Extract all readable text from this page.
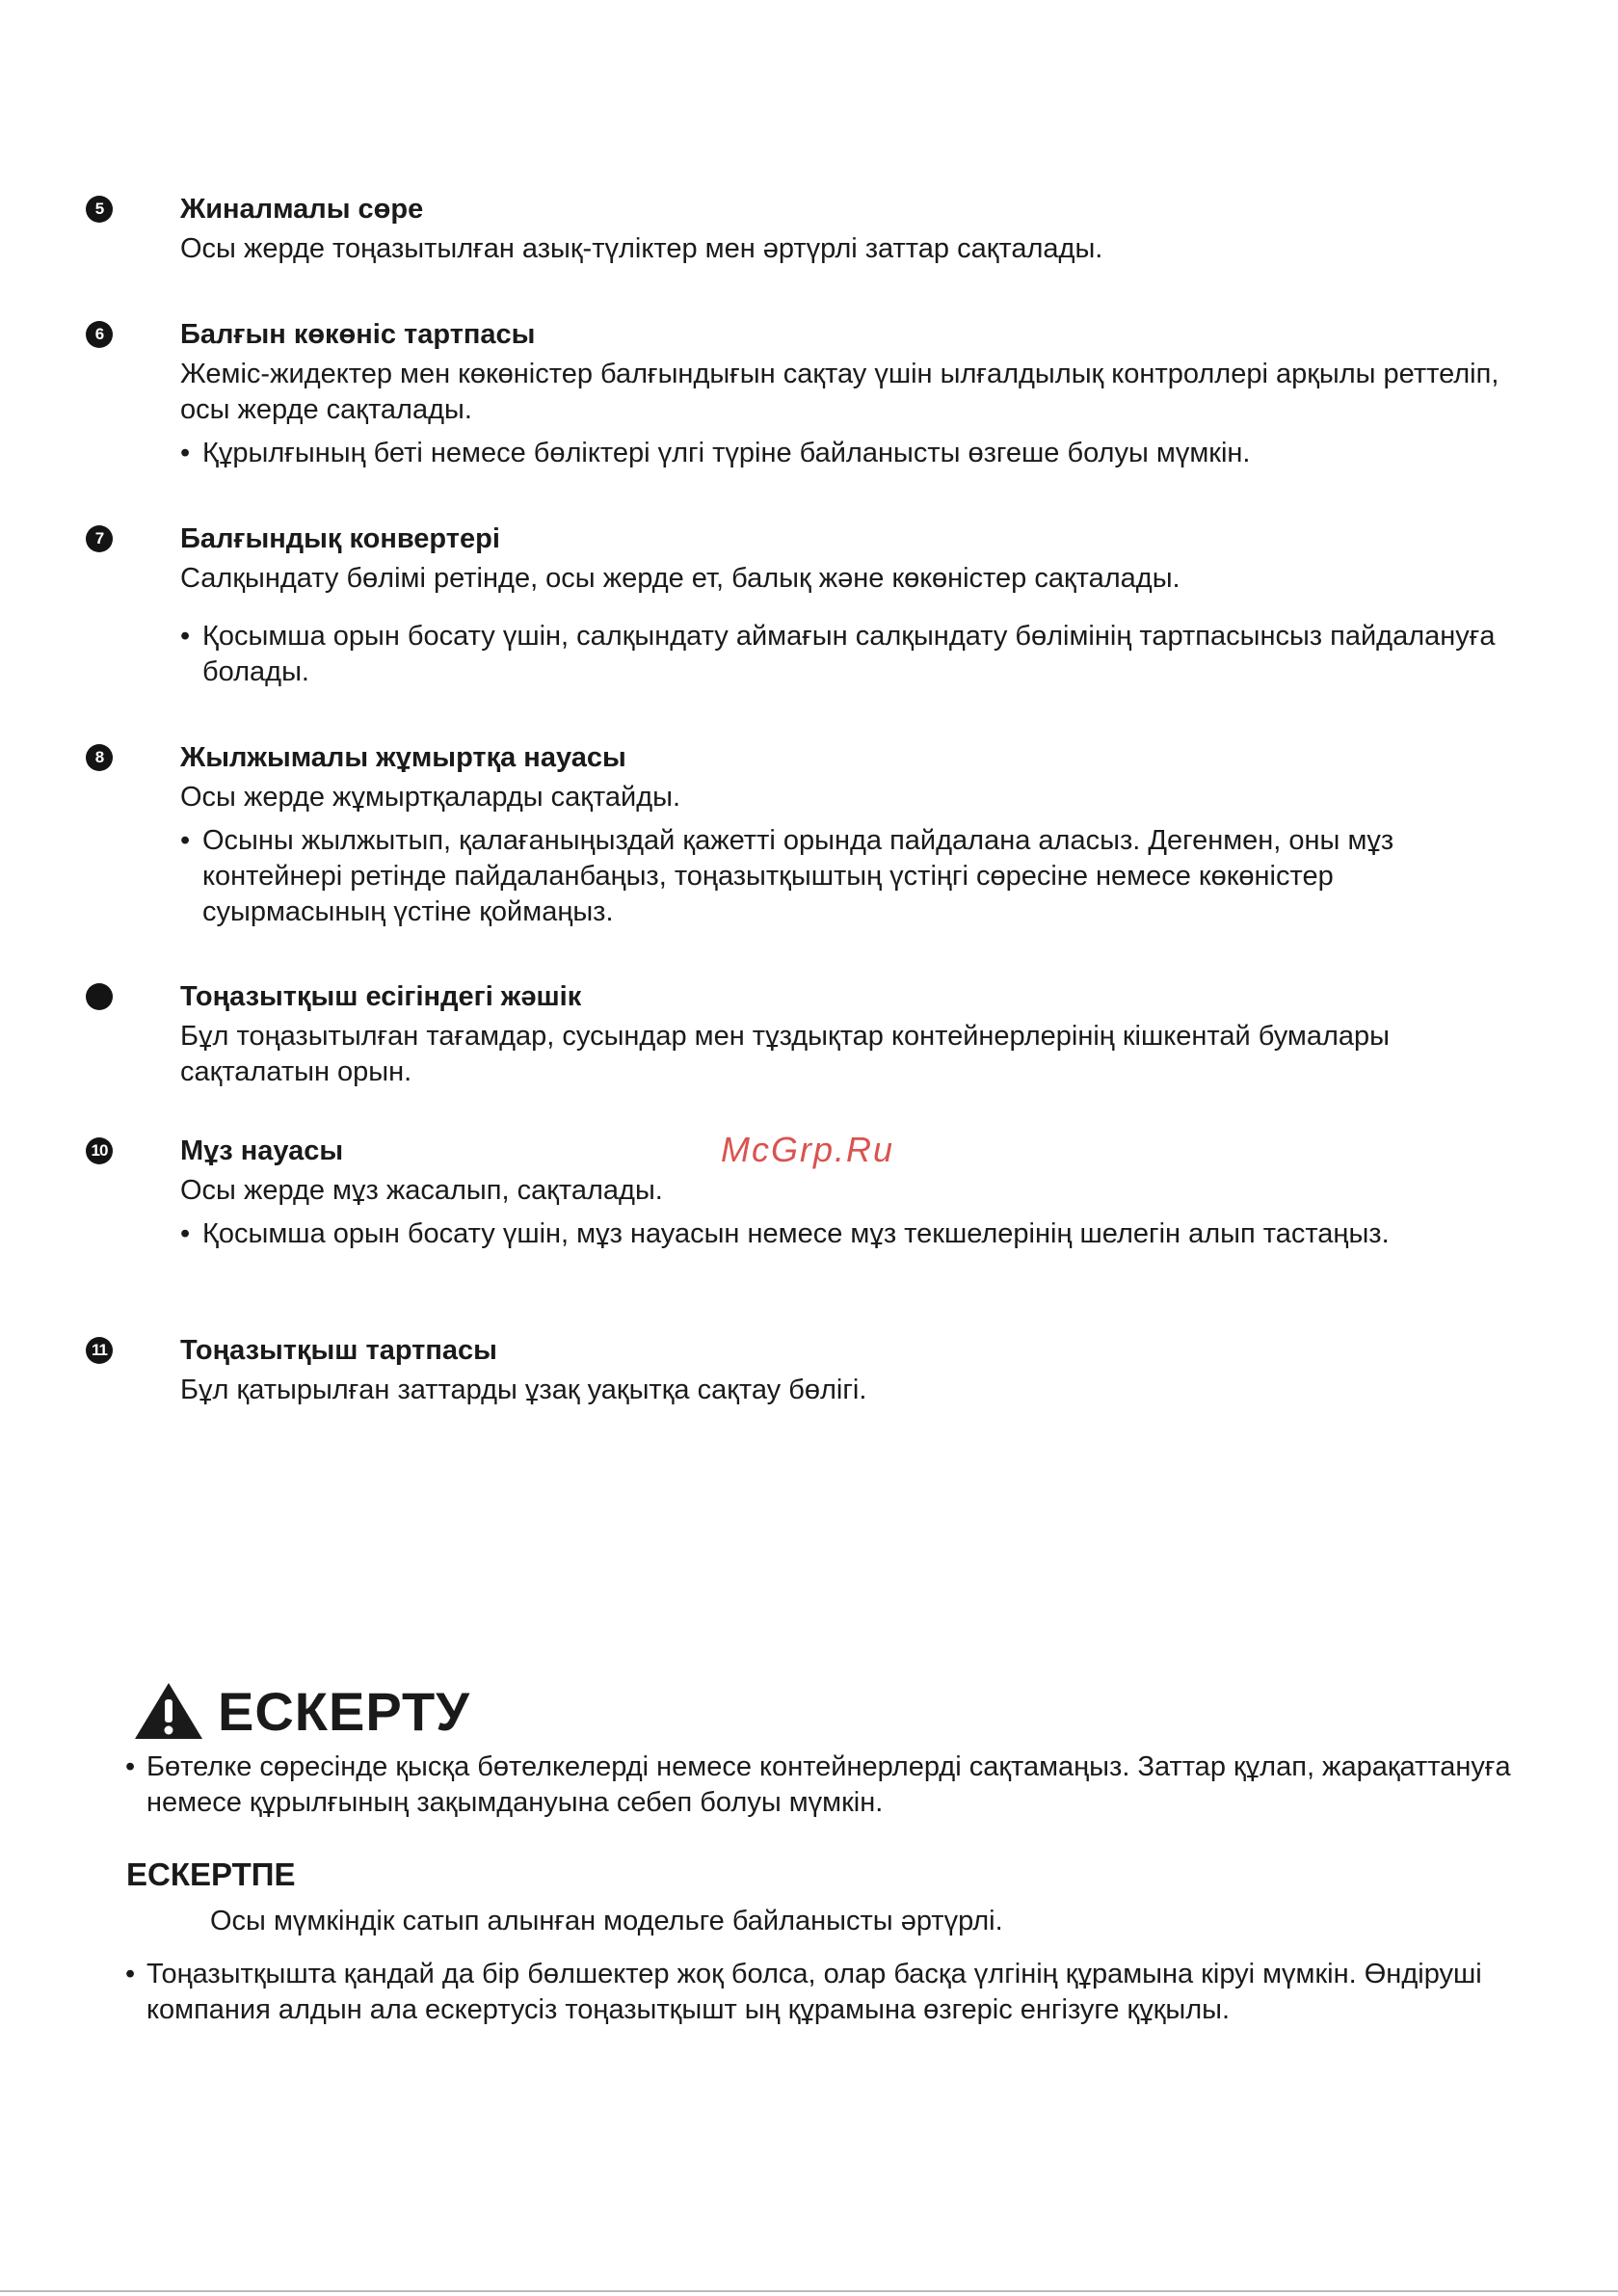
5	Жиналмалы сөре
Осы жерде тоңазытылған азық-түліктер мен әртүрлі заттар сақталады.
6	Балғын көкөніс тартпасы
Жеміс-жидектер мен көкөністер балғындығын сақтау үшін ылғалдылық контроллері арқылы реттеліп, осы жерде сақталады.
• Құрылғының беті немесе бөліктері үлгі түріне байланысты өзгеше болуы мүмкін.
7	Балғындық конвертері
Салқындату бөлімі ретінде, осы жерде ет, балық және көкөністер сақталады.
• Қосымша орын босату үшін, салқындату аймағын салқындату бөлімінің тартпасынсыз пайдалануға болады.
8	Жылжымалы жұмыртқа науасы
Осы жерде жұмыртқаларды сақтайды.
• Осыны жылжытып, қалағаныңыздай қажетті орында пайдалана аласыз. Дегенмен, оны мұз контейнері ретінде пайдаланбаңыз, тоңазытқыштың үстіңгі сөресіне немесе көкөністер суырмасының үстіне қоймаңыз.
Тоңазытқыш есігіндегі жәшік
Бұл тоңазытылған тағамдар, сусындар мен тұздықтар контейнерлерінің кішкентай бумалары сақталатын орын.
10	Мұз науасы
Осы жерде мұз жасалып, сақталады.
• Қосымша орын босату үшін, мұз науасын немесе мұз текшелерінің шелегін алып тастаңыз.
11	Тоңазытқыш тартпасы
Бұл қатырылған заттарды ұзақ уақытқа сақтау бөлігі.
McGrp.Ru
ЕСКЕРТУ
• Бөтелке сөресінде қысқа бөтелкелерді немесе контейнерлерді сақтамаңыз. Заттар құлап, жарақаттануға немесе құрылғының зақымдануына себеп болуы мүмкін.
ЕСКЕРТПЕ
Осы мүмкіндік сатып алынған модельге байланысты әртүрлі.
• Тоңазытқышта қандай да бір бөлшектер жоқ болса, олар басқа үлгінің құрамына кіруі мүмкін. Өндіруші компания алдын ала ескертусіз тоңазытқышт ың құрамына өзгеріс енгізуге құқылы.
